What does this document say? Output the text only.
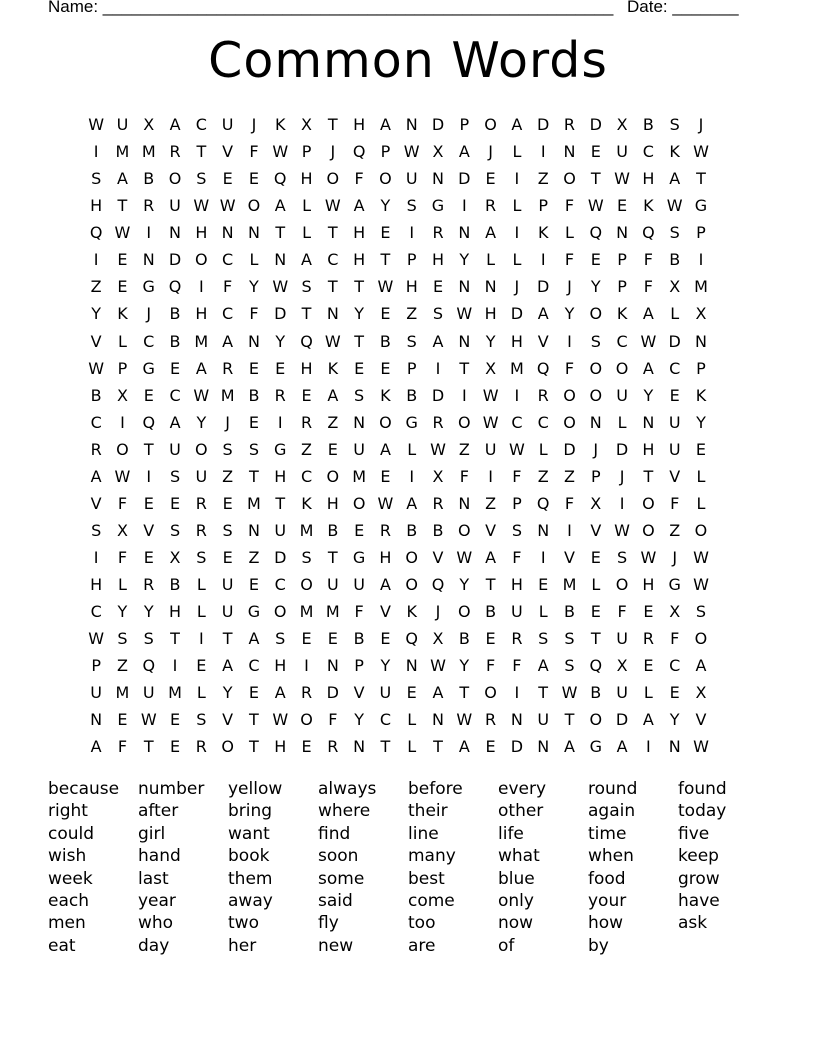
Name: ______________________________________________________ Date: _______
Common Words
W U X A C U	J	K X T H A N D P O A D R D X B S	J
I	M M R T V	F W P	J	Q P W X A	J	L	I	N E U C K W
S A B O S	E	E Q H O F O U N D E	I	Z O T W H A T
H T R U W W O A	L W A Y	S G	I	R	L	P	F W E K W G
Q W	I	N H N N T	L	T H E	I	R N A	I	K	L Q N Q S	P
I	E N D O C	L N A C H T	P H Y	L	L	I	F	E	P	F	B	I
Z E G Q	I	F	Y W S	T	T W H E N N	J	D	J	Y	P	F	X M
Y	K	J	B H C	F D T N Y	E Z S W H D A Y O K A	L	X
V	L	C B M A N Y Q W T B S A N Y H V	I	S C W D N
W P G E A R E	E H K	E	E	P	I	T X M Q F O O A C P
B X E C W M B R E A S K B D	I	W	I	R O O U Y	E K
C	I	Q A Y	J	E	I	R Z N O G R O W C C O N L N U Y
R O T U O S	S G Z E U A	L W Z U W L D	J	D H U E
A W	I	S U Z T H C O M E	I	X	F	I	F	Z Z P	J	T V	L
V	F	E	E R E M T	K H O W A R N Z P Q F	X	I	O F	L
S X V S R S N U M B E R B B O V S N	I	V W O Z O
I	F	E X S	E Z D S	T G H O V W A	F	I	V E	S W	J	W
H L	R B	L U E C O U U A O Q Y	T H E M L O H G W
C Y	Y H L U G O M M F	V K	J	O B U L	B E	F	E X S
W S	S	T	I	T A S	E	E B E Q X B E R S	S	T U R	F O
P Z Q	I	E A C H	I	N P	Y N W Y	F	F	A S Q X E C A
U M U M L	Y	E A R D V U E A T O	I	T W B U L	E X
N E W E	S V T W O F	Y C	L N W R N U T O D A Y V
A	F	T	E R O T H E R N T	L	T A E D N A G A	I	N W
because	number	yellow	always	before	every	round	found
right	after	bring	where	their	other	again	today
could	girl	want	find	line	life	time	five
wish	hand	book	soon	many	what	when	keep
week	last	them	some	best	blue	food	grow
each	year	away	said	come	only	your	have
men	who	two	fly	too	now	how	ask
eat	day	her	new	are	of	by
